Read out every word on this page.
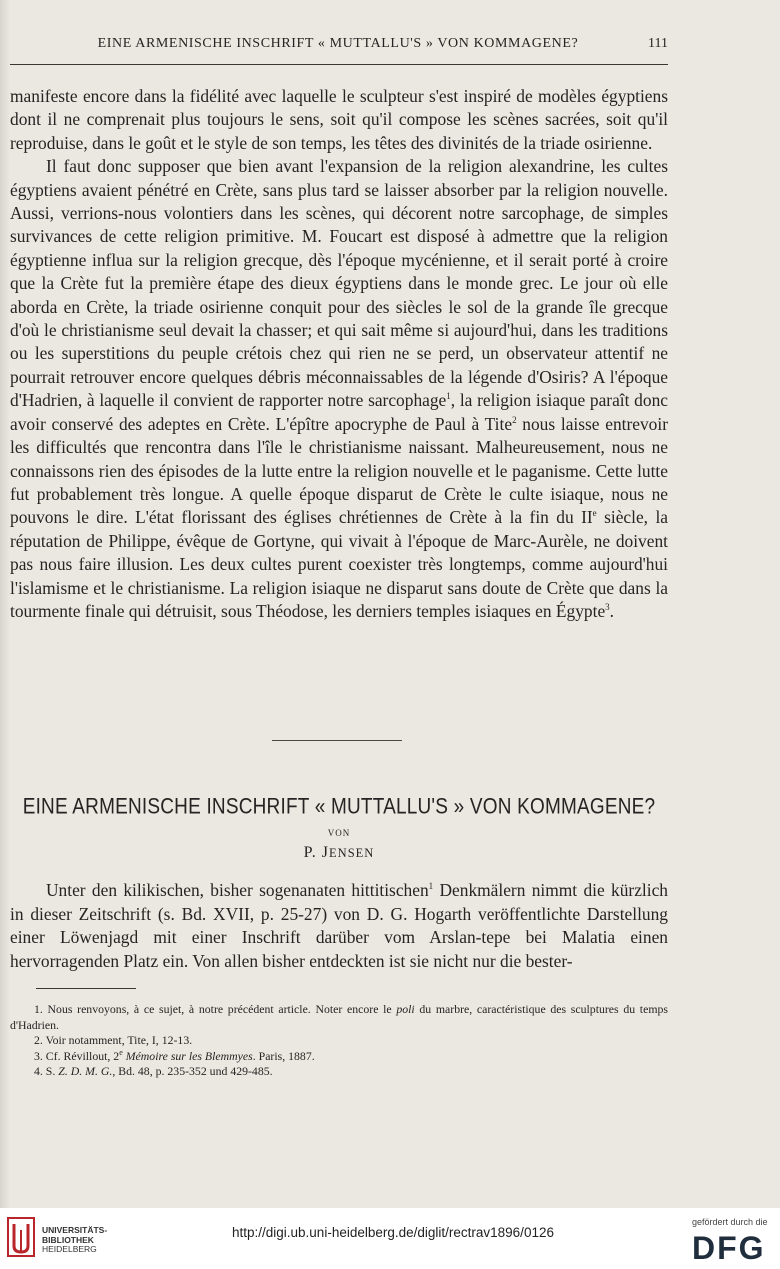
EINE ARMENISCHE INSCHRIFT « MUTTALLU'S » VON KOMMAGENE?	111

manifeste encore dans la fidélité avec laquelle le sculpteur s'est inspiré de modèles égyptiens dont il ne comprenait plus toujours le sens, soit qu'il compose les scènes sacrées, soit qu'il reproduise, dans le goût et le style de son temps, les têtes des divinités de la triade osirienne.

Il faut donc supposer que bien avant l'expansion de la religion alexandrine, les cultes égyptiens avaient pénétré en Crète, sans plus tard se laisser absorber par la religion nouvelle. Aussi, verrions-nous volontiers dans les scènes, qui décorent notre sarcophage, de simples survivances de cette religion primitive. M. Foucart est disposé à admettre que la religion égyptienne influa sur la religion grecque, dès l'époque mycénienne, et il serait porté à croire que la Crète fut la première étape des dieux égyptiens dans le monde grec. Le jour où elle aborda en Crète, la triade osirienne conquit pour des siècles le sol de la grande île grecque d'où le christianisme seul devait la chasser; et qui sait même si aujourd'hui, dans les traditions ou les superstitions du peuple crétois chez qui rien ne se perd, un observateur attentif ne pourrait retrouver encore quelques débris méconnaissables de la légende d'Osiris? A l'époque d'Hadrien, à laquelle il convient de rapporter notre sarcophage$^1$, la religion isiaque paraît donc avoir conservé des adeptes en Crète. L'épître apocryphe de Paul à Tite$^2$ nous laisse entrevoir les difficultés que rencontra dans l'île le christianisme naissant. Malheureusement, nous ne connaissons rien des épisodes de la lutte entre la religion nouvelle et le paganisme. Cette lutte fut probablement très longue. A quelle époque disparut de Crète le culte isiaque, nous ne pouvons le dire. L'état florissant des églises chrétiennes de Crète à la fin du IIe siècle, la réputation de Philippe, évêque de Gortyne, qui vivait à l'époque de Marc-Aurèle, ne doivent pas nous faire illusion. Les deux cultes purent coexister très longtemps, comme aujourd'hui l'islamisme et le christianisme. La religion isiaque ne disparut sans doute de Crète que dans la tourmente finale qui détruisit, sous Théodose, les derniers temples isiaques en Égypte$^3$.

EINE ARMENISCHE INSCHRIFT « MUTTALLU'S » VON KOMMAGENE?
VON
P. JENSEN

Unter den kilikischen, bisher sogenanaten hittitischen$^1$ Denkmälern nimmt die kürzlich in dieser Zeitschrift (s. Bd. XVII, p. 25-27) von D. G. Hogarth veröffentlichte Darstellung einer Löwenjagd mit einer Inschrift darüber vom Arslan-tepe bei Malatia einen hervorragenden Platz ein. Von allen bisher entdeckten ist sie nicht nur die bester-

1. Nous renvoyons, à ce sujet, à notre précédent article. Noter encore le poli du marbre, caractéristique des sculptures du temps d'Hadrien.
2. Voir notamment, Tite, I, 12-13.
3. Cf. Révillout, 2e Mémoire sur les Blemmyes. Paris, 1887.
4. S. Z. D. M. G., Bd. 48, p. 235-352 und 429-485.
UNIVERSITÄTS-
BIBLIOTHEK
HEIDELBERG
http://digi.ub.uni-heidelberg.de/diglit/rectrav1896/0126
gefördert durch die
DFG
